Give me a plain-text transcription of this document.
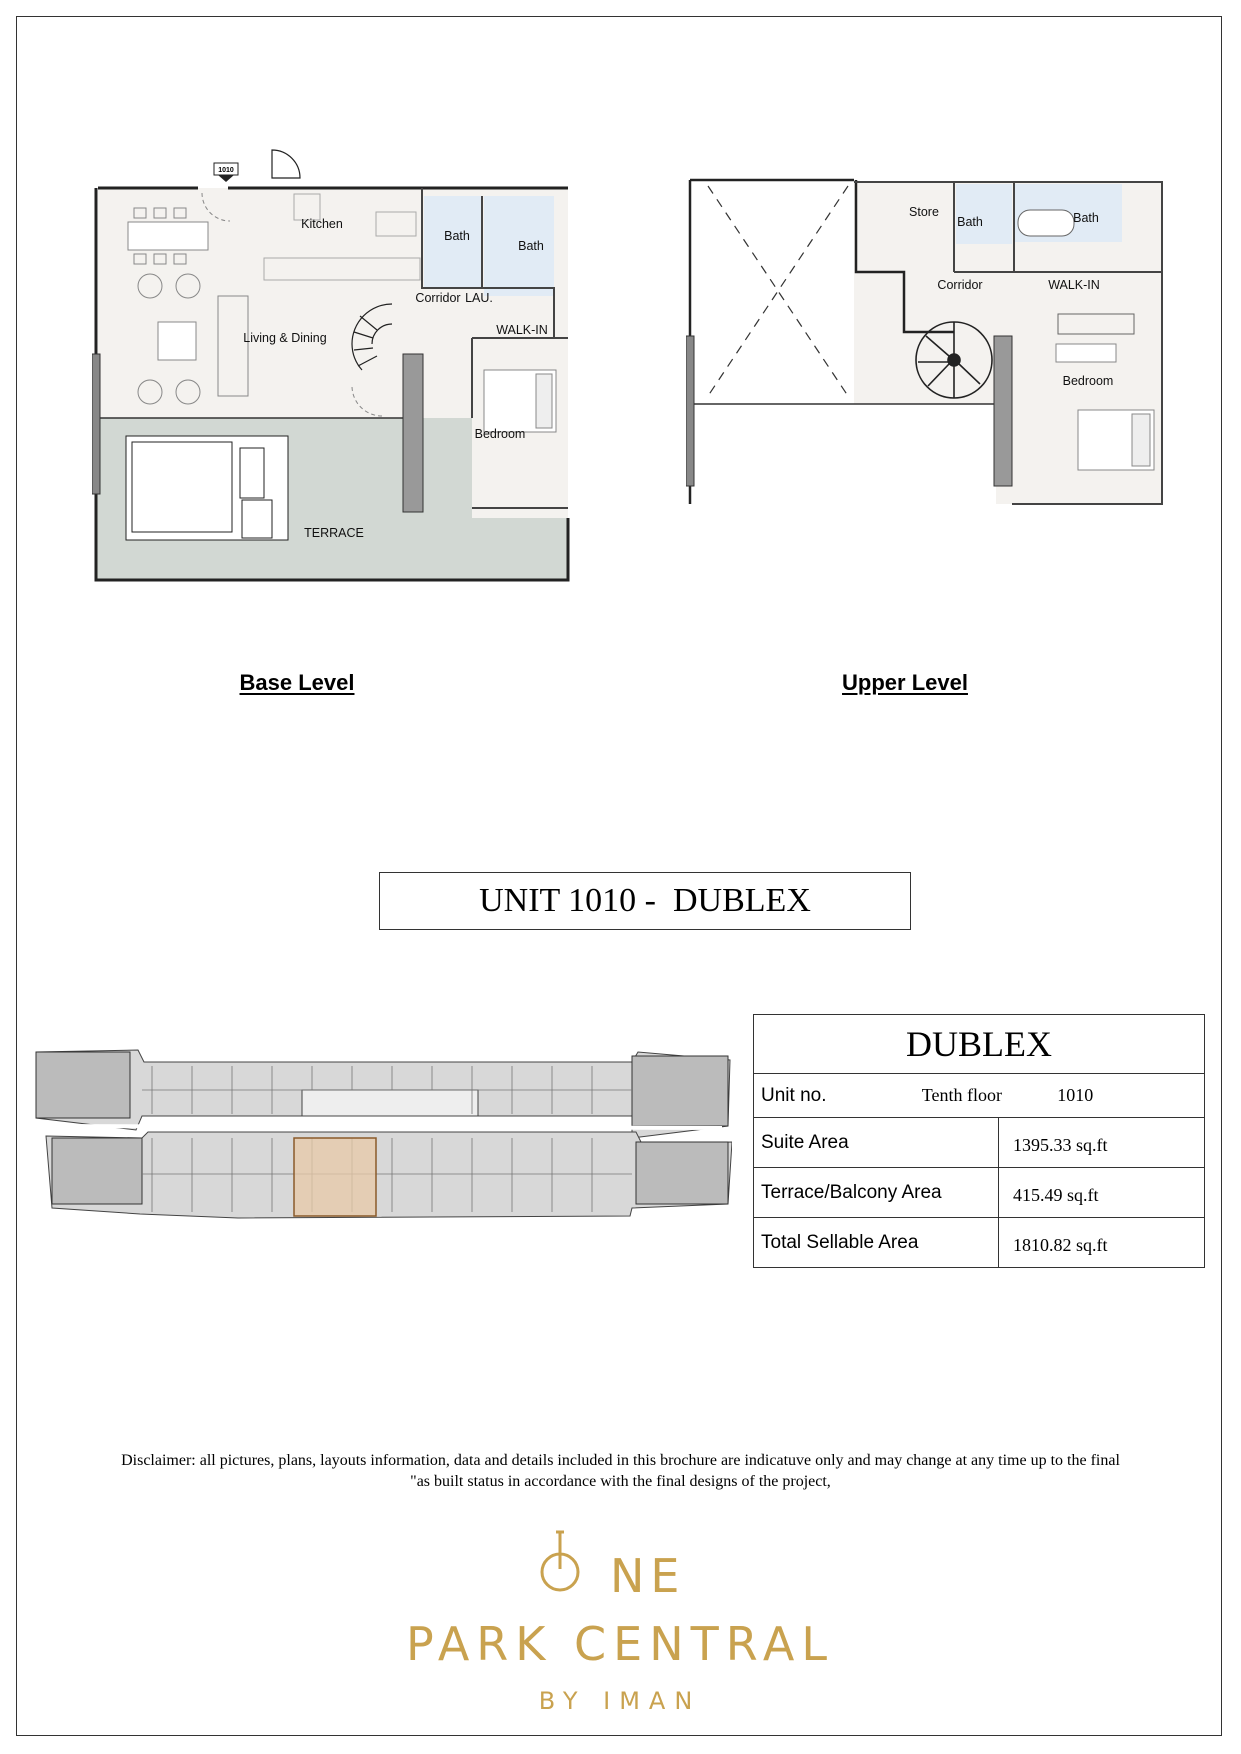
1010
Kitchen
Bath
Bath
Corridor LAU.
WALK-IN
Living & Dining
Bedroom
TERRACE
Store
Bath	Bath
Corridor	WALK-IN
Bedroom
Base Level	Upper Level
UNIT 1010 -  DUBLEX
DUBLEX	
Unit no. Tenth floor 1010	
Suite Area	1395.33 sq.ft
Terrace/Balcony Area	415.49 sq.ft
Total Sellable Area	1810.82 sq.ft
Disclaimer: all pictures, plans, layouts information, data and details included in this brochure are indicatuve only and may change at any time up to the final
"as built status in accordance with the final designs of the project,
NE
PARK CENTRAL
BY IMAN
